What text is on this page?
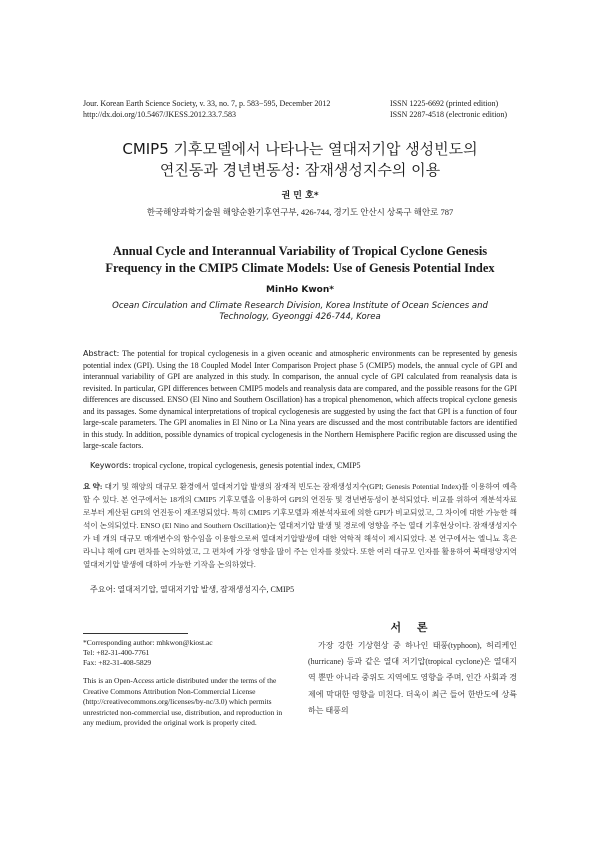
Jour. Korean Earth Science Society, v. 33, no. 7, p. 583−595, December 2012
http://dx.doi.org/10.5467/JKESS.2012.33.7.583
ISSN 1225-6692 (printed edition)
ISSN 2287-4518 (electronic edition)
CMIP5 기후모델에서 나타나는 열대저기압 생성빈도의
연진동과 경년변동성: 잠재생성지수의 이용
권 민 호*
한국해양과학기술원 해양순환기후연구부, 426-744, 경기도 안산시 상록구 해안로 787
Annual Cycle and Interannual Variability of Tropical Cyclone Genesis
Frequency in the CMIP5 Climate Models: Use of Genesis Potential Index
MinHo Kwon*
Ocean Circulation and Climate Research Division, Korea Institute of Ocean Sciences and
Technology, Gyeonggi 426-744, Korea
Abstract: The potential for tropical cyclogenesis in a given oceanic and atmospheric environments can be represented by genesis potential index (GPI). Using the 18 Coupled Model Inter Comparison Project phase 5 (CMIP5) models, the annual cycle of GPI and interannual variability of GPI are analyzed in this study. In comparison, the annual cycle of GPI calculated from reanalysis data is revisited. In particular, GPI differences between CMIP5 models and reanalysis data are compared, and the possible reasons for the GPI differences are discussed. ENSO (El Nino and Southern Oscillation) has a tropical phenomenon, which affects tropical cyclone genesis and its passages. Some dynamical interpretations of tropical cyclogenesis are suggested by using the fact that GPI is a function of four large-scale parameters. The GPI anomalies in El Nino or La Nina years are discussed and the most contributable factors are identified in this study. In addition, possible dynamics of tropical cyclogenesis in the Northern Hemisphere Pacific region are discussed using the large-scale factors.
Keywords: tropical cyclone, tropical cyclogenesis, genesis potential index, CMIP5
요 약: 대기 및 해양의 대규모 환경에서 열대저기압 발생의 잠재적 빈도는 잠재생성지수(GPI; Genesis Potential Index)를 이용하여 예측할 수 있다. 본 연구에서는 18개의 CMIP5 기후모델을 이용하여 GPI의 연진동 및 경년변동성이 분석되었다. 비교를 위하여 재분석자료로부터 계산된 GPI의 연진동이 재조명되었다. 특히 CMIP5 기후모델과 재분석자료에 의한 GPI가 비교되었고, 그 차이에 대한 가능한 해석이 논의되었다. ENSO (El Nino and Southern Oscillation)는 열대저기압 발생 및 경로에 영향을 주는 열대 기후현상이다. 잠재생성지수가 네 개의 대규모 매개변수의 함수임을 이용함으로써 열대저기압발생에 대한 역학적 해석이 제시되었다. 본 연구에서는 엘니뇨 혹은 라니냐 해에 GPI 편차를 논의하였고, 그 편차에 가장 영향을 많이 주는 인자를 찾았다. 또한 여러 대규모 인자를 활용하여 북태평양지역 열대저기압 발생에 대하여 가능한 기작을 논의하였다.
주요어: 열대저기압, 열대저기압 발생, 잠재생성지수, CMIP5
*Corresponding author: mhkwon@kiost.ac
Tel: +82-31-400-7761
Fax: +82-31-408-5829
This is an Open-Access article distributed under the terms of the Creative Commons Attribution Non-Commercial License (http://creativecommons.org/licenses/by-nc/3.0) which permits unrestricted non-commercial use, distribution, and reproduction in any medium, provided the original work is properly cited.
서 론
가장 강한 기상현상 중 하나인 태풍(typhoon), 허리케인(hurricane) 등과 같은 열대 저기압(tropical cyclone)은 열대지역 뿐만 아니라 중위도 지역에도 영향을 주며, 인간 사회과 경제에 막대한 영향을 미친다. 더욱이 최근 들어 한반도에 상륙하는 태풍의
